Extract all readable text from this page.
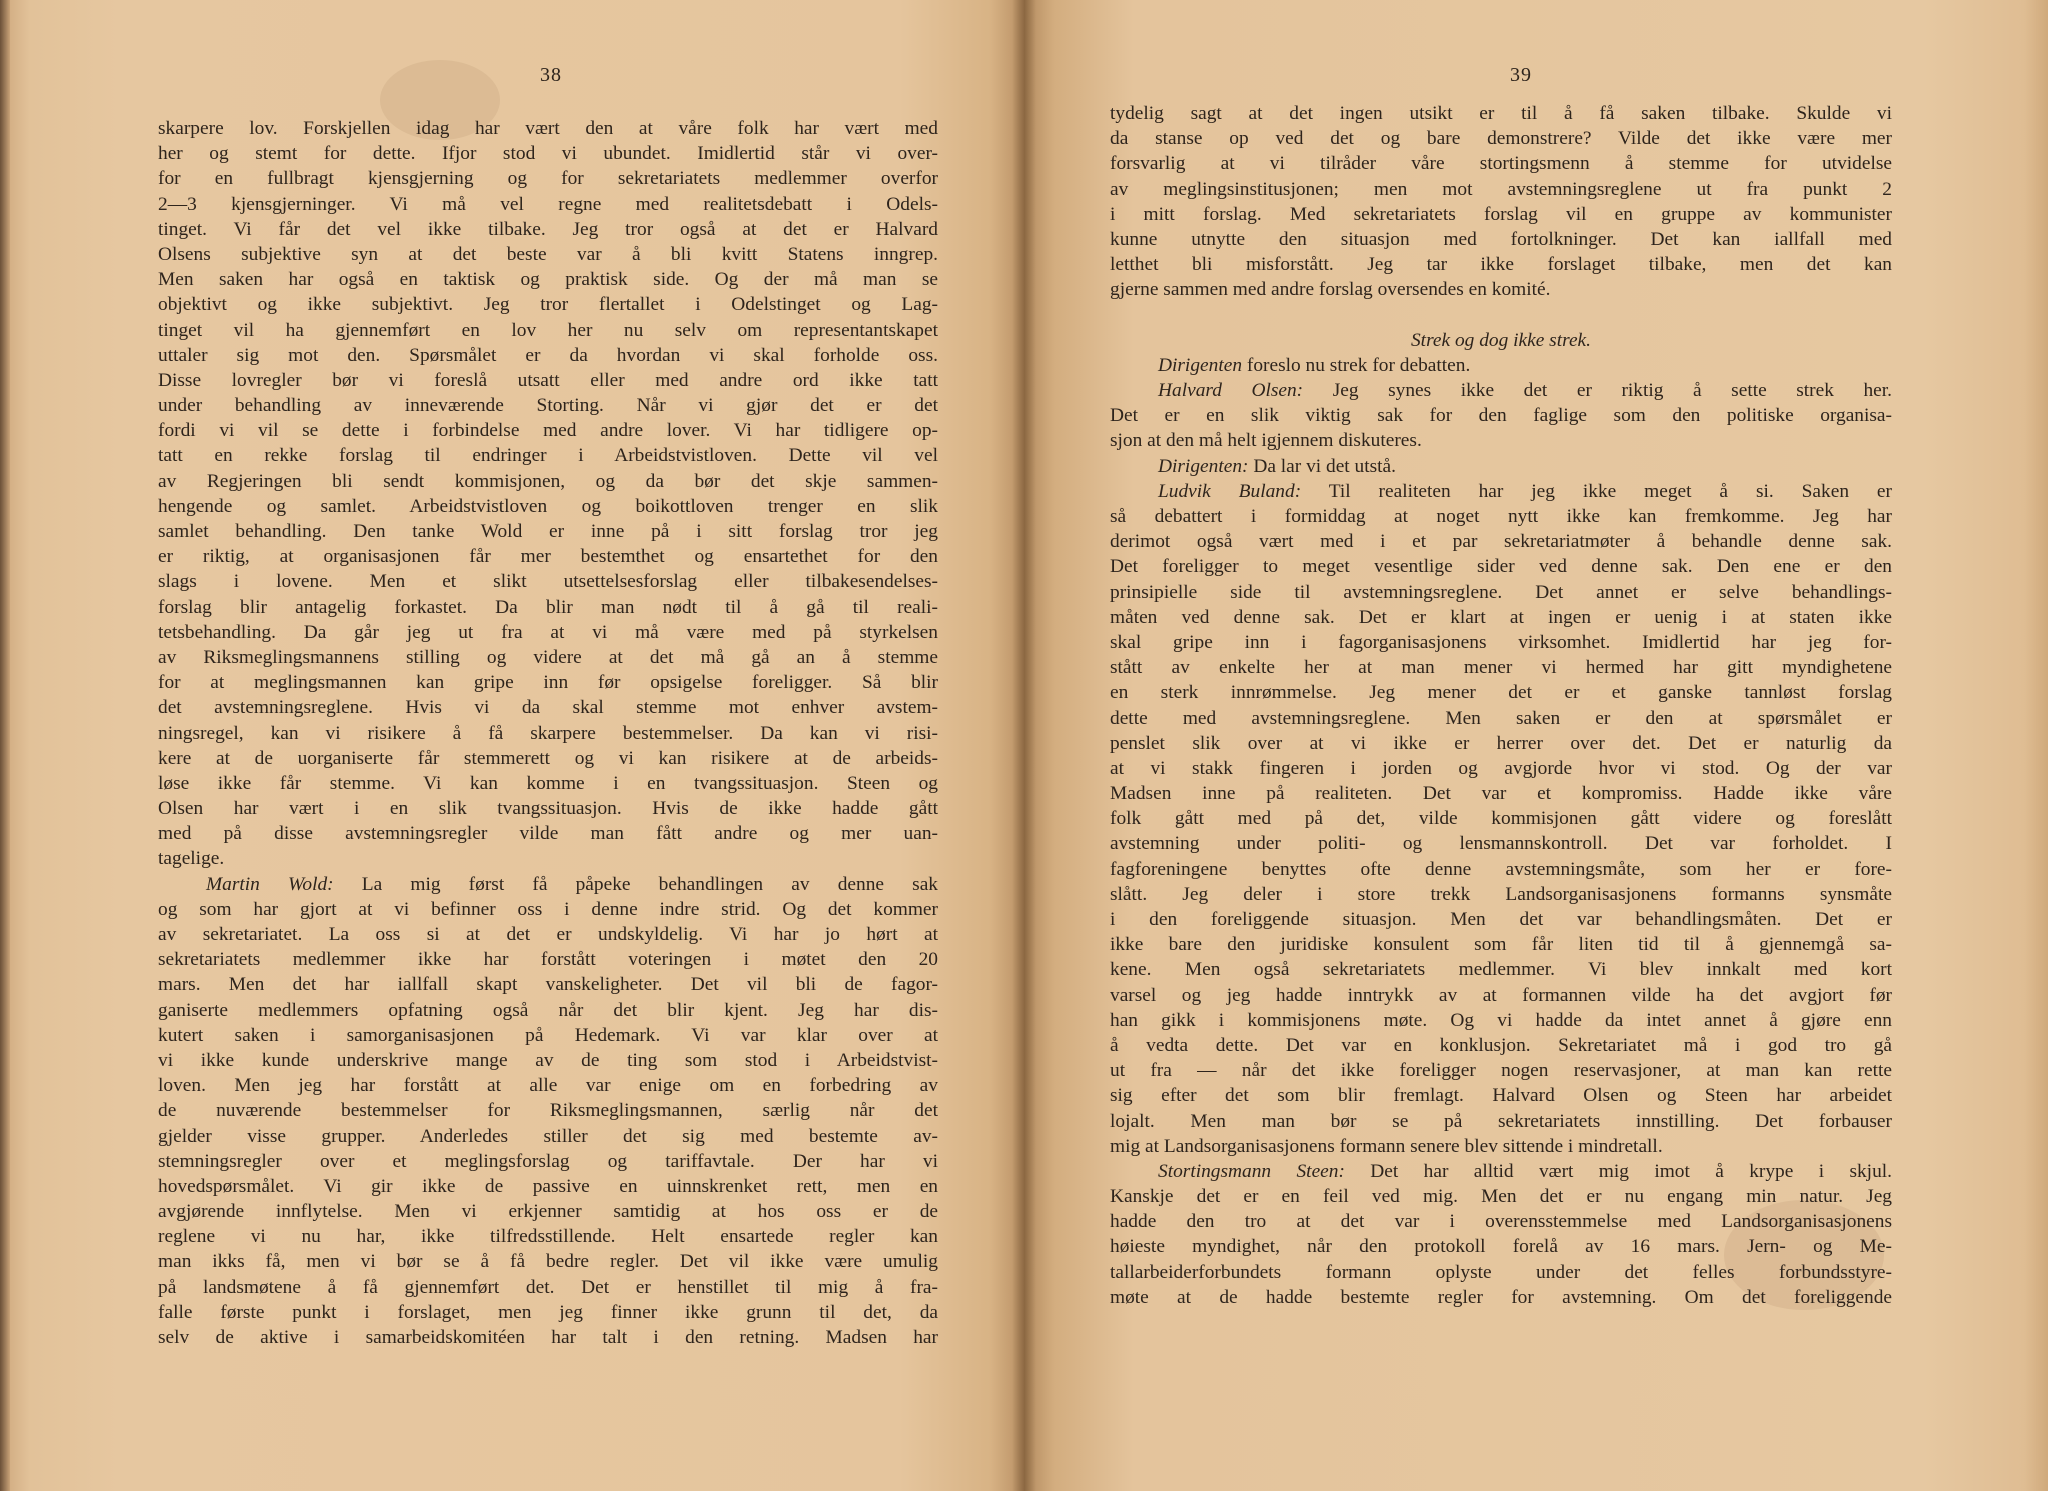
38
skarpere lov. Forskjellen idag har vært den at våre folk har vært med
her og stemt for dette. Ifjor stod vi ubundet. Imidlertid står vi over-
for en fullbragt kjensgjerning og for sekretariatets medlemmer overfor
2—3 kjensgjerninger. Vi må vel regne med realitetsdebatt i Odels-
tinget. Vi får det vel ikke tilbake. Jeg tror også at det er Halvard
Olsens subjektive syn at det beste var å bli kvitt Statens inngrep.
Men saken har også en taktisk og praktisk side. Og der må man se
objektivt og ikke subjektivt. Jeg tror flertallet i Odelstinget og Lag-
tinget vil ha gjennemført en lov her nu selv om representantskapet
uttaler sig mot den. Spørsmålet er da hvordan vi skal forholde oss.
Disse lovregler bør vi foreslå utsatt eller med andre ord ikke tatt
under behandling av inneværende Storting. Når vi gjør det er det
fordi vi vil se dette i forbindelse med andre lover. Vi har tidligere op-
tatt en rekke forslag til endringer i Arbeidstvistloven. Dette vil vel
av Regjeringen bli sendt kommisjonen, og da bør det skje sammen-
hengende og samlet. Arbeidstvistloven og boikottloven trenger en slik
samlet behandling. Den tanke Wold er inne på i sitt forslag tror jeg
er riktig, at organisasjonen får mer bestemthet og ensartethet for den
slags i lovene. Men et slikt utsettelsesforslag eller tilbakesendelses-
forslag blir antagelig forkastet. Da blir man nødt til å gå til reali-
tetsbehandling. Da går jeg ut fra at vi må være med på styrkelsen
av Riksmeglingsmannens stilling og videre at det må gå an å stemme
for at meglingsmannen kan gripe inn før opsigelse foreligger. Så blir
det avstemningsreglene. Hvis vi da skal stemme mot enhver avstem-
ningsregel, kan vi risikere å få skarpere bestemmelser. Da kan vi risi-
kere at de uorganiserte får stemmerett og vi kan risikere at de arbeids-
løse ikke får stemme. Vi kan komme i en tvangssituasjon. Steen og
Olsen har vært i en slik tvangssituasjon. Hvis de ikke hadde gått
med på disse avstemningsregler vilde man fått andre og mer uan-
tagelige.
Martin Wold: La mig først få påpeke behandlingen av denne sak
og som har gjort at vi befinner oss i denne indre strid. Og det kommer
av sekretariatet. La oss si at det er undskyldelig. Vi har jo hørt at
sekretariatets medlemmer ikke har forstått voteringen i møtet den 20
mars. Men det har iallfall skapt vanskeligheter. Det vil bli de fagor-
ganiserte medlemmers opfatning også når det blir kjent. Jeg har dis-
kutert saken i samorganisasjonen på Hedemark. Vi var klar over at
vi ikke kunde underskrive mange av de ting som stod i Arbeidstvist-
loven. Men jeg har forstått at alle var enige om en forbedring av
de nuværende bestemmelser for Riksmeglingsmannen, særlig når det
gjelder visse grupper. Anderledes stiller det sig med bestemte av-
stemningsregler over et meglingsforslag og tariffavtale. Der har vi
hovedspørsmålet. Vi gir ikke de passive en uinnskrenket rett, men en
avgjørende innflytelse. Men vi erkjenner samtidig at hos oss er de
reglene vi nu har, ikke tilfredsstillende. Helt ensartede regler kan
man ikks få, men vi bør se å få bedre regler. Det vil ikke være umulig
på landsmøtene å få gjennemført det. Det er henstillet til mig å fra-
falle første punkt i forslaget, men jeg finner ikke grunn til det, da
selv de aktive i samarbeidskomitéen har talt i den retning. Madsen har
39
tydelig sagt at det ingen utsikt er til å få saken tilbake. Skulde vi
da stanse op ved det og bare demonstrere? Vilde det ikke være mer
forsvarlig at vi tilråder våre stortingsmenn å stemme for utvidelse
av meglingsinstitusjonen; men mot avstemningsreglene ut fra punkt 2
i mitt forslag. Med sekretariatets forslag vil en gruppe av kommunister
kunne utnytte den situasjon med fortolkninger. Det kan iallfall med
letthet bli misforstått. Jeg tar ikke forslaget tilbake, men det kan
gjerne sammen med andre forslag oversendes en komité.
Strek og dog ikke strek.
Dirigenten foreslo nu strek for debatten.
Halvard Olsen: Jeg synes ikke det er riktig å sette strek her.
Det er en slik viktig sak for den faglige som den politiske organisa-
sjon at den må helt igjennem diskuteres.
Dirigenten: Da lar vi det utstå.
Ludvik Buland: Til realiteten har jeg ikke meget å si. Saken er
så debattert i formiddag at noget nytt ikke kan fremkomme. Jeg har
derimot også vært med i et par sekretariatmøter å behandle denne sak.
Det foreligger to meget vesentlige sider ved denne sak. Den ene er den
prinsipielle side til avstemningsreglene. Det annet er selve behandlings-
måten ved denne sak. Det er klart at ingen er uenig i at staten ikke
skal gripe inn i fagorganisasjonens virksomhet. Imidlertid har jeg for-
stått av enkelte her at man mener vi hermed har gitt myndighetene
en sterk innrømmelse. Jeg mener det er et ganske tannløst forslag
dette med avstemningsreglene. Men saken er den at spørsmålet er
penslet slik over at vi ikke er herrer over det. Det er naturlig da
at vi stakk fingeren i jorden og avgjorde hvor vi stod. Og der var
Madsen inne på realiteten. Det var et kompromiss. Hadde ikke våre
folk gått med på det, vilde kommisjonen gått videre og foreslått
avstemning under politi- og lensmannskontroll. Det var forholdet. I
fagforeningene benyttes ofte denne avstemningsmåte, som her er fore-
slått. Jeg deler i store trekk Landsorganisasjonens formanns synsmåte
i den foreliggende situasjon. Men det var behandlingsmåten. Det er
ikke bare den juridiske konsulent som får liten tid til å gjennemgå sa-
kene. Men også sekretariatets medlemmer. Vi blev innkalt med kort
varsel og jeg hadde inntrykk av at formannen vilde ha det avgjort før
han gikk i kommisjonens møte. Og vi hadde da intet annet å gjøre enn
å vedta dette. Det var en konklusjon. Sekretariatet må i god tro gå
ut fra — når det ikke foreligger nogen reservasjoner, at man kan rette
sig efter det som blir fremlagt. Halvard Olsen og Steen har arbeidet
lojalt. Men man bør se på sekretariatets innstilling. Det forbauser
mig at Landsorganisasjonens formann senere blev sittende i mindretall.
Stortingsmann Steen: Det har alltid vært mig imot å krype i skjul.
Kanskje det er en feil ved mig. Men det er nu engang min natur. Jeg
hadde den tro at det var i overensstemmelse med Landsorganisasjonens
høieste myndighet, når den protokoll forelå av 16 mars. Jern- og Me-
tallarbeiderforbundets formann oplyste under det felles forbundsstyre-
møte at de hadde bestemte regler for avstemning. Om det foreliggende
